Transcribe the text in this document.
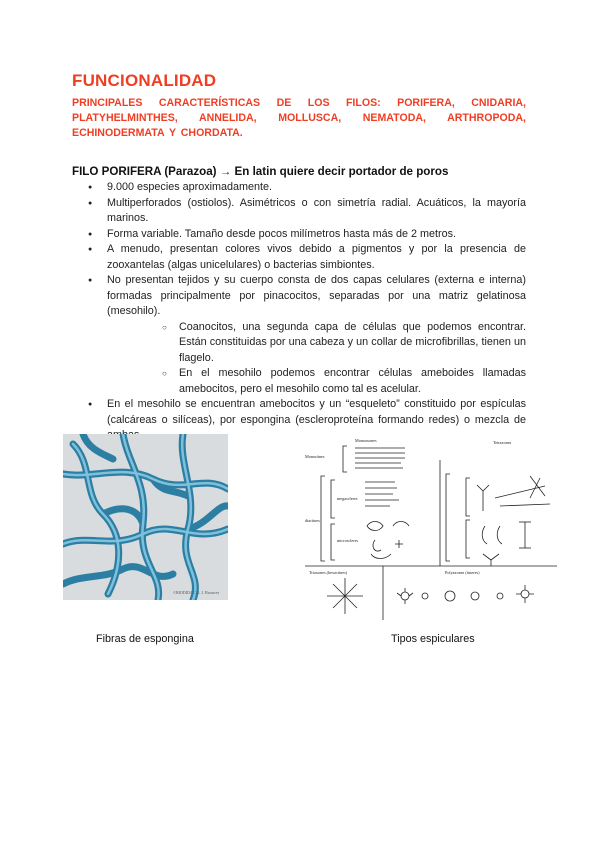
FUNCIONALIDAD

PRINCIPALES CARACTERÍSTICAS DE LOS FILOS: PORIFERA, CNIDARIA, PLATYHELMINTHES, ANNELIDA, MOLLUSCA, NEMATODA, ARTHROPODA, ECHINODERMATA Y CHORDATA.

FILO PORIFERA (Parazoa) → En latin quiere decir portador de poros

● 9.000 especies aproximadamente.
● Multiperforados (ostiolos). Asimétricos o con simetría radial. Acuáticos, la mayoría marinos.
● Forma variable. Tamaño desde pocos milímetros hasta más de 2 metros.
● A menudo, presentan colores vivos debido a pigmentos y por la presencia de zooxantelas (algas unicelulares) o bacterias simbiontes.
● No presentan tejidos y su cuerpo consta de dos capas celulares (externa e interna) formadas principalmente por pinacocitos, separadas por una matriz gelatinosa (mesohilo).
○ Coanocitos, una segunda capa de células que podemos encontrar. Están constituidas por una cabeza y un collar de microfibrillas, tienen un flagelo.
○ En el mesohilo podemos encontrar células ameboides llamadas amebocitos, pero el mesohilo como tal es acelular.
● En el mesohilo se encuentran amebocitos y un “esqueleto” constituido por espículas (calcáreas o silíceas), por espongina (escleroproteína formando redes) o mezcla de
©BIODIDAC G. J. Brouwer
Monoaxones
Monactines
diactines
megascleres
microscleres
Tetraxones
Triaxones (hexactines)	Polyaxones (ásteres)

Fibras de espongina	Tipos espiculares
